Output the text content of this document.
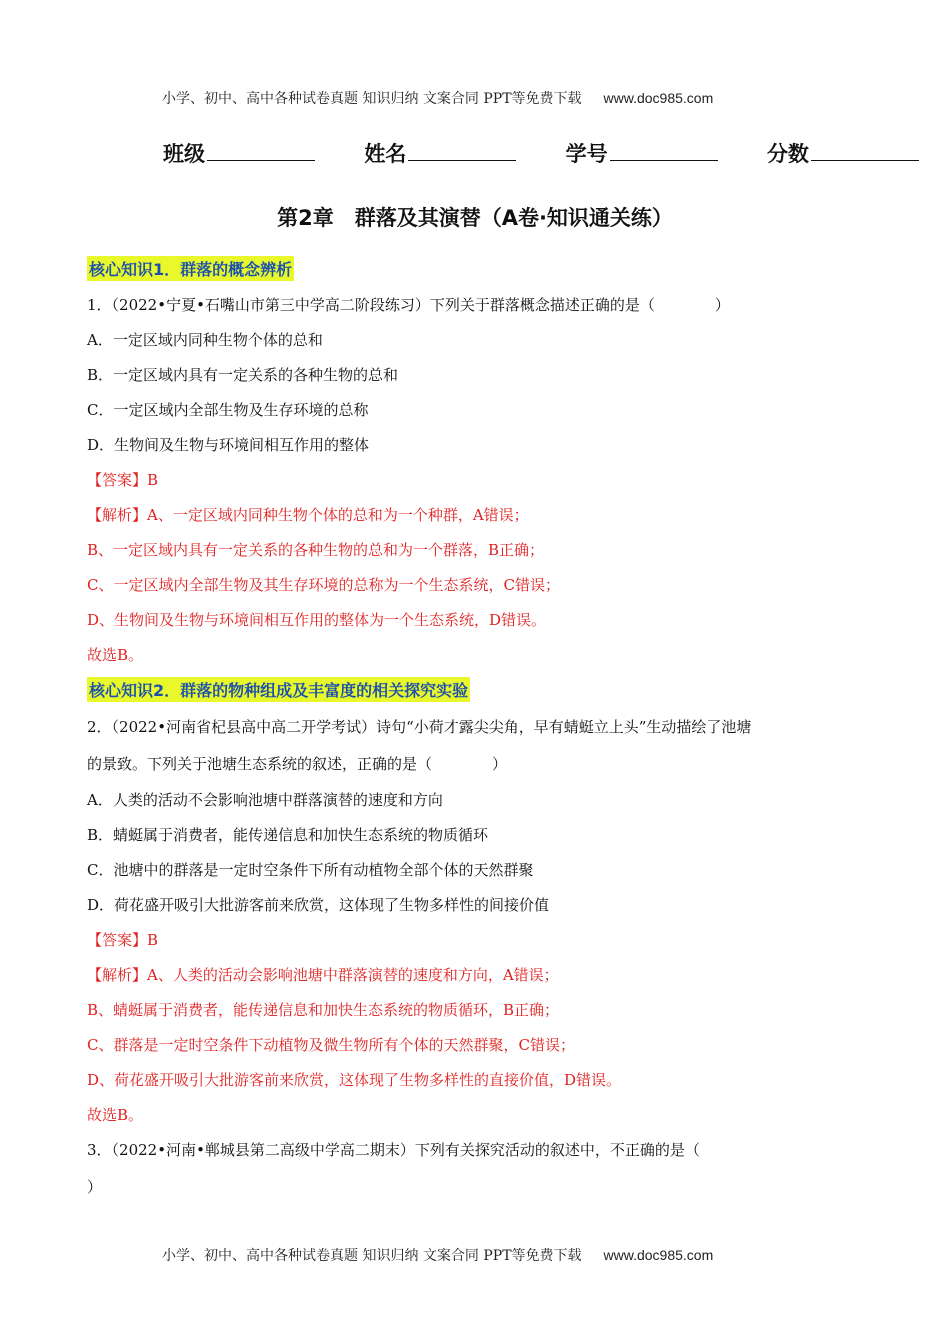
小学、初中、高中各种试卷真题 知识归纳 文案合同 PPT等免费下载 www.doc985.com
班级	姓名	学号	分数
第2章　群落及其演替（A卷·知识通关练）
核心知识1．群落的概念辨析
1．（2022•宁夏•石嘴山市第三中学高二阶段练习）下列关于群落概念描述正确的是（　　　　）
A．一定区域内同种生物个体的总和
B．一定区域内具有一定关系的各种生物的总和
C．一定区域内全部生物及生存环境的总称
D．生物间及生物与环境间相互作用的整体
【答案】B
【解析】A、一定区域内同种生物个体的总和为一个种群，A错误；
B、一定区域内具有一定关系的各种生物的总和为一个群落，B正确；
C、一定区域内全部生物及其生存环境的总称为一个生态系统，C错误；
D、生物间及生物与环境间相互作用的整体为一个生态系统，D错误。
故选B。
核心知识2．群落的物种组成及丰富度的相关探究实验
2．（2022•河南省杞县高中高二开学考试）诗句“小荷才露尖尖角，早有蜻蜓立上头”生动描绘了池塘
的景致。下列关于池塘生态系统的叙述，正确的是（　　　　）
A．人类的活动不会影响池塘中群落演替的速度和方向
B．蜻蜓属于消费者，能传递信息和加快生态系统的物质循环
C．池塘中的群落是一定时空条件下所有动植物全部个体的天然群聚
D．荷花盛开吸引大批游客前来欣赏，这体现了生物多样性的间接价值
【答案】B
【解析】A、人类的活动会影响池塘中群落演替的速度和方向，A错误；
B、蜻蜓属于消费者，能传递信息和加快生态系统的物质循环，B正确；
C、群落是一定时空条件下动植物及微生物所有个体的天然群聚，C错误；
D、荷花盛开吸引大批游客前来欣赏，这体现了生物多样性的直接价值，D错误。
故选B。
3．（2022•河南•郸城县第二高级中学高二期末）下列有关探究活动的叙述中，不正确的是（
）
小学、初中、高中各种试卷真题 知识归纳 文案合同 PPT等免费下载 www.doc985.com
